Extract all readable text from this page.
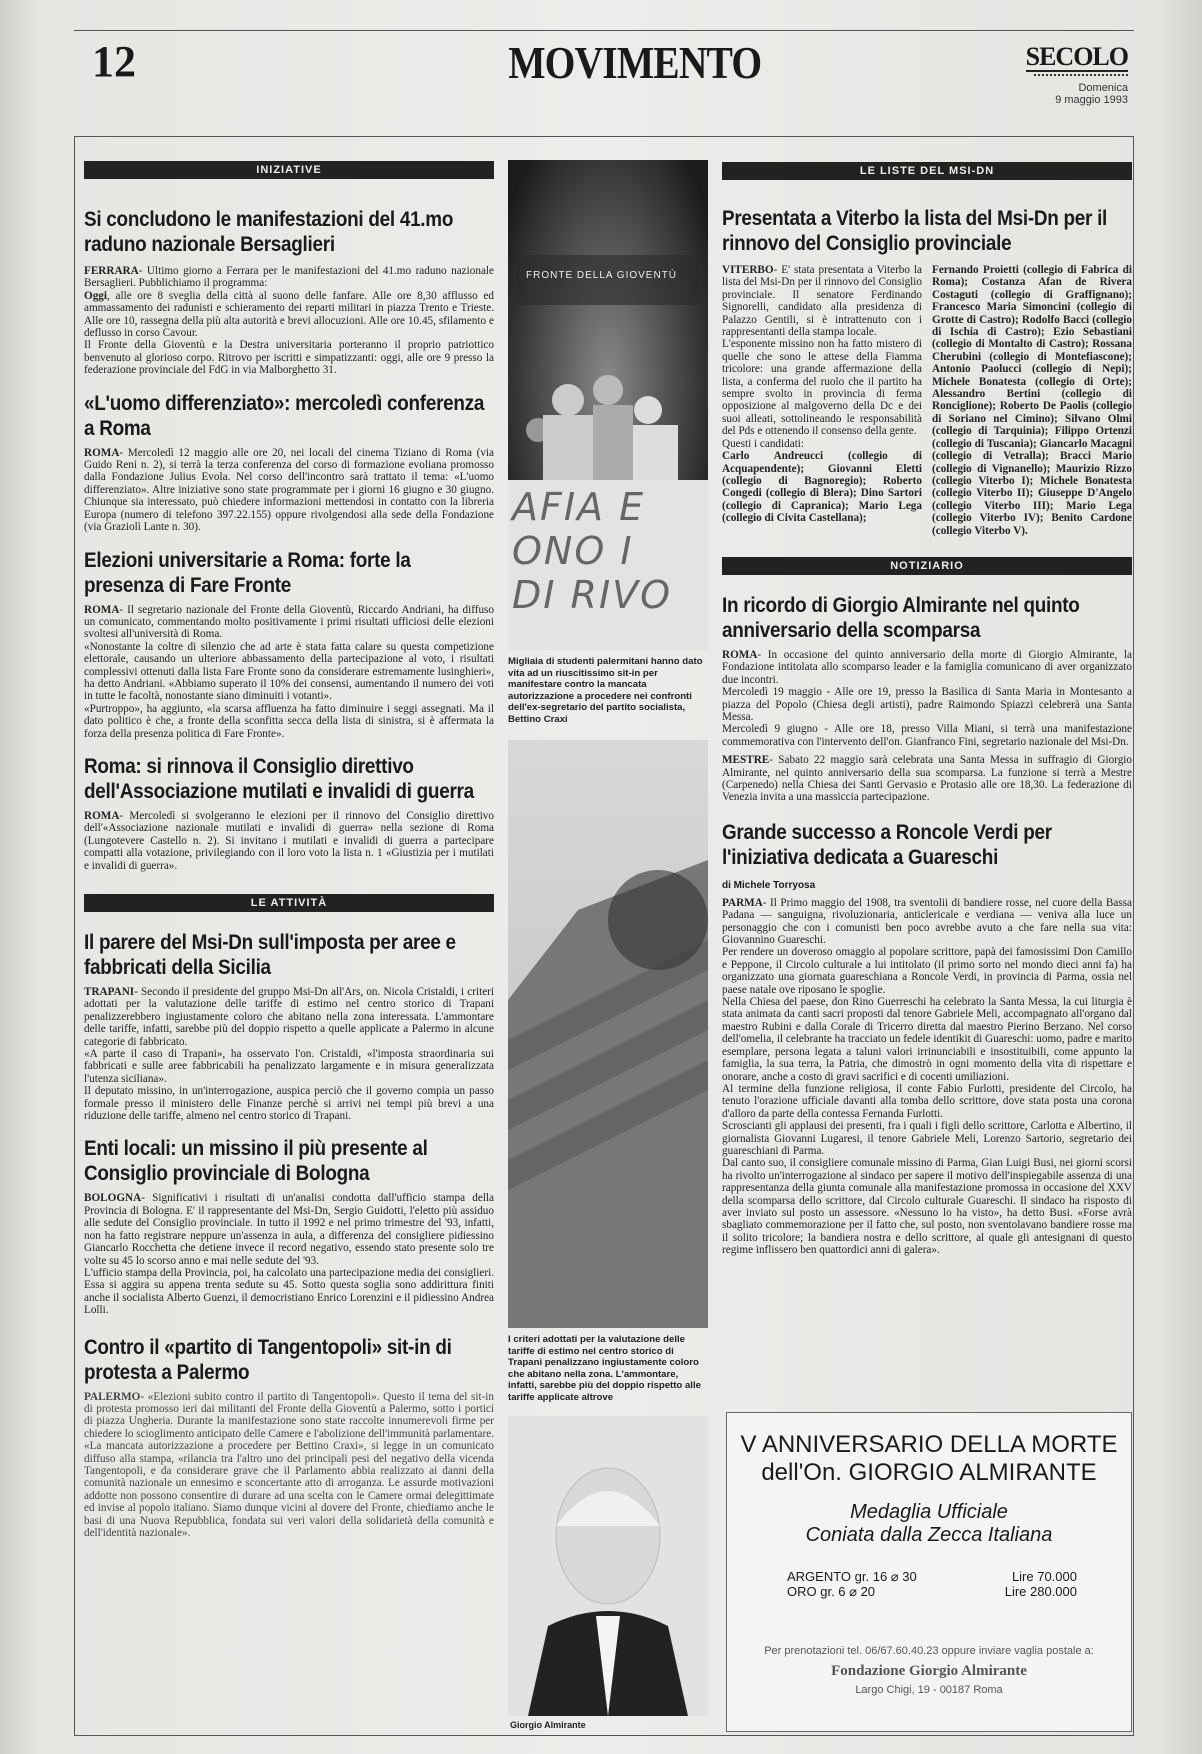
12	MOVIMENTO	SECOLO
Domenica
9 maggio 1993
INIZIATIVE
Si concludono le manifestazioni del 41.mo raduno nazionale Bersaglieri

FERRARA- Ultimo giorno a Ferrara per le manifestazioni del 41.mo raduno nazionale Bersaglieri. Pubblichiamo il programma:

Oggi, alle ore 8 sveglia della città al suono delle fanfare. Alle ore 8,30 afflusso ed ammassamento dei radunisti e schieramento dei reparti militari in piazza Trento e Trieste. Alle ore 10, rassegna della più alta autorità e brevi allocuzioni. Alle ore 10.45, sfilamento e deflusso in corso Cavour.

Il Fronte della Gioventù e la Destra universitaria porteranno il proprio patriottico benvenuto al glorioso corpo. Ritrovo per iscritti e simpatizzanti: oggi, alle ore 9 presso la federazione provinciale del FdG in via Malborghetto 31.

«L'uomo differenziato»: mercoledì conferenza a Roma

ROMA- Mercoledì 12 maggio alle ore 20, nei locali del cinema Tiziano di Roma (via Guido Reni n. 2), si terrà la terza conferenza del corso di formazione evoliana promosso dalla Fondazione Julius Evola. Nel corso dell'incontro sarà trattato il tema: «L'uomo differenziato». Altre iniziative sono state programmate per i giorni 16 giugno e 30 giugno. Chiunque sia interessato, può chiedere informazioni mettendosi in contatto con la libreria Europa (numero di telefono 397.22.155) oppure rivolgendosi alla sede della Fondazione (via Graziolì Lante n. 30).

Elezioni universitarie a Roma: forte la presenza di Fare Fronte

ROMA- Il segretario nazionale del Fronte della Gioventù, Riccardo Andriani, ha diffuso un comunicato, commentando molto positivamente i primi risultati ufficiosi delle elezioni svoltesi all'università di Roma.

«Nonostante la coltre di silenzio che ad arte è stata fatta calare su questa competizione elettorale, causando un ulteriore abbassamento della partecipazione al voto, i risultati complessivi ottenuti dalla lista Fare Fronte sono da considerare estremamente lusinghieri», ha detto Andriani. «Abbiamo superato il 10% dei consensi, aumentando il numero dei voti in tutte le facoltà, nonostante siano diminuiti i votanti».

«Purtroppo», ha aggiunto, «la scarsa affluenza ha fatto diminuire i seggi assegnati. Ma il dato politico è che, a fronte della sconfitta secca della lista di sinistra, si è affermata la forza della presenza politica di Fare Fronte».

Roma: si rinnova il Consiglio direttivo dell'Associazione mutilati e invalidi di guerra

ROMA- Mercoledì si svolgeranno le elezioni per il rinnovo del Consiglio direttivo dell'«Associazione nazionale mutilati e invalidi di guerra» nella sezione di Roma (Lungotevere Castello n. 2). Si invitano i mutilati e invalidi di guerra a partecipare compatti alla votazione, privilegiando con il loro voto la lista n. 1 «Giustizia per i mutilati e invalidi di guerra».

LE ATTIVITÀ
Il parere del Msi-Dn sull'imposta per aree e fabbricati della Sicilia

TRAPANI- Secondo il presidente del gruppo Msi-Dn all'Ars, on. Nicola Cristaldi, i criteri adottati per la valutazione delle tariffe di estimo nel centro storico di Trapani penalizzerebbero ingiustamente coloro che abitano nella zona interessata. L'ammontare delle tariffe, infatti, sarebbe più del doppio rispetto a quelle applicate a Palermo in alcune categorie di fabbricato.

«A parte il caso di Trapani», ha osservato l'on. Cristaldi, «l'imposta straordinaria sui fabbricati e sulle aree fabbricabili ha penalizzato largamente e in misura generalizzata l'utenza siciliana».

Il deputato missino, in un'interrogazione, auspica perciò che il governo compia un passo formale presso il ministero delle Finanze perchè si arrivi nei tempi più brevi a una riduzione delle tariffe, almeno nel centro storico di Trapani.

Enti locali: un missino il più presente al Consiglio provinciale di Bologna

BOLOGNA- Significativi i risultati di un'analisi condotta dall'ufficio stampa della Provincia di Bologna. E' il rappresentante del Msi-Dn, Sergio Guidotti, l'eletto più assiduo alle sedute del Consiglio provinciale. In tutto il 1992 e nel primo trimestre del '93, infatti, non ha fatto registrare neppure un'assenza in aula, a differenza del consigliere pidiessino Giancarlo Rocchetta che detiene invece il record negativo, essendo stato presente solo tre volte su 45 lo scorso anno e mai nelle sedute del '93.

L'ufficio stampa della Provincia, poi, ha calcolato una partecipazione media dei consiglieri. Essa si aggira su appena trenta sedute su 45. Sotto questa soglia sono addirittura finiti anche il socialista Alberto Guenzi, il democristiano Enrico Lorenzini e il pidiessino Andrea Lolli.

Contro il «partito di Tangentopoli» sit-in di protesta a Palermo

PALERMO- «Elezioni subito contro il partito di Tangentopoli». Questo il tema del sit-in di protesta promosso ieri dai militanti del Fronte della Gioventù a Palermo, sotto i portici di piazza Ungheria. Durante la manifestazione sono state raccolte innumerevoli firme per chiedere lo scioglimento anticipato delle Camere e l'abolizione dell'immunità parlamentare. «La mancata autorizzazione a procedere per Bettino Craxi», si legge in un comunicato diffuso alla stampa, «rilancia tra l'altro uno dei principali pesi del negativo della vicenda Tangentopoli, e da considerare grave che il Parlamento abbia realizzato ai danni della comunità nazionale un ennesimo e sconcertante atto di arroganza. Le assurde motivazioni addotte non possono consentire di durare ad una scelta con le Camere ormai delegittimate ed invise al popolo italiano. Siamo dunque vicini al dovere del Fronte, chiediamo anche le basi di una Nuova Repubblica, fondata sui veri valori della solidarietà della comunità e dell'identità nazionale».

FRONTE DELLA GIOVENTÙ
AFIA E
ONO I
DI RIVO

Migliaia di studenti palermitani hanno dato vita ad un riuscitissimo sit-in per manifestare contro la mancata autorizzazione a procedere nei confronti dell'ex-segretario del partito socialista, Bettino Craxi

I criteri adottati per la valutazione delle tariffe di estimo nel centro storico di Trapani penalizzano ingiustamente coloro che abitano nella zona. L'ammontare, infatti, sarebbe più del doppio rispetto alle tariffe applicate altrove

Giorgio Almirante

LE LISTE DEL MSI-DN
Presentata a Viterbo la lista del Msi-Dn per il rinnovo del Consiglio provinciale

VITERBO- E' stata presentata a Viterbo la lista del Msi-Dn per il rinnovo del Consiglio provinciale. Il senatore Ferdinando Signorelli, candidato alla presidenza di Palazzo Gentili, si è intrattenuto con i rappresentanti della stampa locale.

L'esponente missino non ha fatto mistero di quelle che sono le attese della Fiamma tricolore: una grande affermazione della lista, a conferma del ruolo che il partito ha sempre svolto in provincia di ferma opposizione al malgoverno della Dc e dei suoi alleati, sottolineando le responsabilità del Pds e ottenendo il consenso della gente.

Questi i candidati:

Carlo Andreucci (collegio di Acquapendente); Giovanni Eletti (collegio di Bagnoregio); Roberto Congedi (collegio di Blera); Dino Sartori (collegio di Capranica); Mario Lega (collegio di Civita Castellana);

Fernando Proietti (collegio di Fabrica di Roma); Costanza Afan de Rivera Costaguti (collegio di Graffignano); Francesco Maria Simoncini (collegio di Grotte di Castro); Rodolfo Bacci (collegio di Ischia di Castro); Ezio Sebastiani (collegio di Montalto di Castro); Rossana Cherubini (collegio di Montefiascone); Antonio Paolucci (collegio di Nepi); Michele Bonatesta (collegio di Orte); Alessandro Bertini (collegio di Ronciglione); Roberto De Paolis (collegio di Soriano nel Cimino); Silvano Olmi (collegio di Tarquinia); Filippo Ortenzi (collegio di Tuscania); Giancarlo Macagni (collegio di Vetralla); Bracci Mario (collegio di Vignanello); Maurizio Rizzo (collegio Viterbo I); Michele Bonatesta (collegio Viterbo II); Giuseppe D'Angelo (collegio Viterbo III); Mario Lega (collegio Viterbo IV); Benito Cardone (collegio Viterbo V).

NOTIZIARIO
In ricordo di Giorgio Almirante nel quinto anniversario della scomparsa

ROMA- In occasione del quinto anniversario della morte di Giorgio Almirante, la Fondazione intitolata allo scomparso leader e la famiglia comunicano di aver organizzato due incontri.

Mercoledì 19 maggio - Alle ore 19, presso la Basilica di Santa Maria in Montesanto a piazza del Popolo (Chiesa degli artisti), padre Raimondo Spiazzi celebrerà una Santa Messa.

Mercoledì 9 giugno - Alle ore 18, presso Villa Miani, si terrà una manifestazione commemorativa con l'intervento dell'on. Gianfranco Fini, segretario nazionale del Msi-Dn.

MESTRE- Sabato 22 maggio sarà celebrata una Santa Messa in suffragio di Giorgio Almirante, nel quinto anniversario della sua scomparsa. La funzione si terrà a Mestre (Carpenedo) nella Chiesa dei Santi Gervasio e Protasio alle ore 18,30. La federazione di Venezia invita a una massiccia partecipazione.

Grande successo a Roncole Verdi per l'iniziativa dedicata a Guareschi

di Michele Torryosa

PARMA- Il Primo maggio del 1908, tra sventolii di bandiere rosse, nel cuore della Bassa Padana — sanguigna, rivoluzionaria, anticlericale e verdiana — veniva alla luce un personaggio che con i comunisti ben poco avrebbe avuto a che fare nella sua vita: Giovannino Guareschi.

Per rendere un doveroso omaggio al popolare scrittore, papà dei famosissimi Don Camillo e Peppone, il Circolo culturale a lui intitolato (il primo sorto nel mondo dieci anni fa) ha organizzato una giornata guareschiana a Roncole Verdi, in provincia di Parma, ossia nel paese natale ove riposano le spoglie.

Nella Chiesa del paese, don Rino Guerreschi ha celebrato la Santa Messa, la cui liturgia è stata animata da canti sacri proposti dal tenore Gabriele Meli, accompagnato all'organo dal maestro Rubini e dalla Corale di Tricerro diretta dal maestro Pierino Berzano. Nel corso dell'omelia, il celebrante ha tracciato un fedele identikit di Guareschi: uomo, padre e marito esemplare, persona legata a taluni valori irrinunciabili e insostituibili, come appunto la famiglia, la sua terra, la Patria, che dimostrò in ogni momento della vita di rispettare e onorare, anche a costo di gravi sacrifici e di cocenti umiliazioni.

Al termine della funzione religiosa, il conte Fabio Furlotti, presidente del Circolo, ha tenuto l'orazione ufficiale davanti alla tomba dello scrittore, dove stata posta una corona d'alloro da parte della contessa Fernanda Furlotti.

Scroscianti gli applausi dei presenti, fra i quali i figli dello scrittore, Carlotta e Albertino, il giornalista Giovanni Lugaresi, il tenore Gabriele Meli, Lorenzo Sartorio, segretario dei guareschiani di Parma.

Dal canto suo, il consigliere comunale missino di Parma, Gian Luigi Busi, nei giorni scorsi ha rivolto un'interrogazione al sindaco per sapere il motivo dell'inspiegabile assenza di una rappresentanza della giunta comunale alla manifestazione promossa in occasione del XXV della scomparsa dello scrittore, dal Circolo culturale Guareschi. Il sindaco ha risposto di aver inviato sul posto un assessore. «Nessuno lo ha visto», ha detto Busi. «Forse avrà sbagliato commemorazione per il fatto che, sul posto, non sventolavano bandiere rosse ma il solito tricolore; la bandiera nostra e dello scrittore, al quale gli antesignani di questo regime inflissero ben quattordici anni di galera».

V ANNIVERSARIO DELLA MORTE

dell'On. GIORGIO ALMIRANTE

Medaglia Ufficiale

Coniata dalla Zecca Italiana

ARGENTO gr. 16 ⌀ 30	Lire 70.000
ORO gr. 6 ⌀ 20	Lire 280.000

Per prenotazioni tel. 06/67.60.40.23 oppure inviare vaglia postale a:

Fondazione Giorgio Almirante

Largo Chigi, 19 - 00187 Roma
